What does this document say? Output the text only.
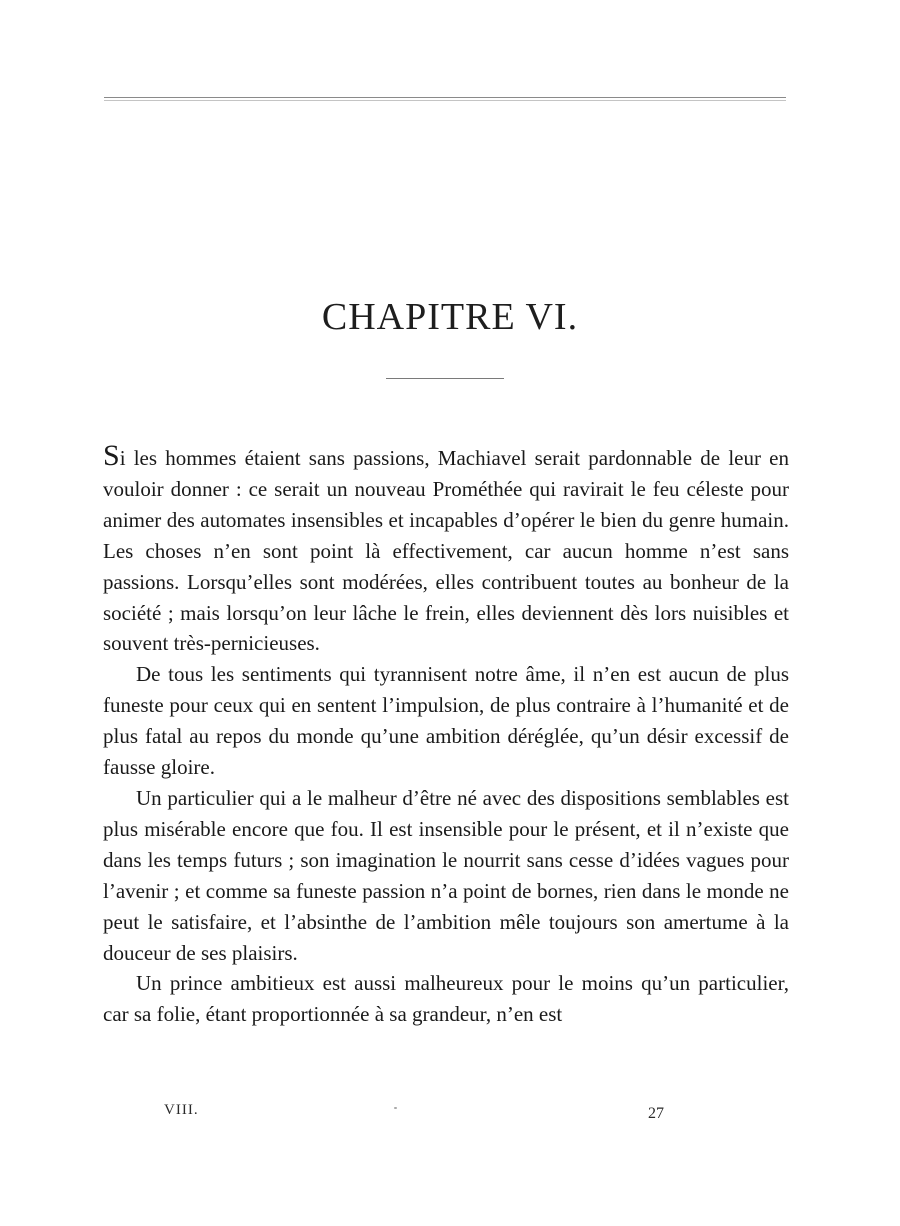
CHAPITRE VI.

Si les hommes étaient sans passions, Machiavel serait pardonnable de leur en vouloir donner : ce serait un nouveau Prométhée qui ravirait le feu céleste pour animer des automates insensibles et incapables d’opérer le bien du genre humain. Les choses n’en sont point là effectivement, car aucun homme n’est sans passions. Lorsqu’elles sont modérées, elles contribuent toutes au bonheur de la société ; mais lorsqu’on leur lâche le frein, elles deviennent dès lors nuisibles et souvent très-pernicieuses.

De tous les sentiments qui tyrannisent notre âme, il n’en est aucun de plus funeste pour ceux qui en sentent l’impulsion, de plus contraire à l’humanité et de plus fatal au repos du monde qu’une ambition déréglée, qu’un désir excessif de fausse gloire.

Un particulier qui a le malheur d’être né avec des dispositions semblables est plus misérable encore que fou. Il est insensible pour le présent, et il n’existe que dans les temps futurs ; son imagination le nourrit sans cesse d’idées vagues pour l’avenir ; et comme sa funeste passion n’a point de bornes, rien dans le monde ne peut le satisfaire, et l’absinthe de l’ambition mêle toujours son amertume à la douceur de ses plaisirs.

Un prince ambitieux est aussi malheureux pour le moins qu’un particulier, car sa folie, étant proportionnée à sa grandeur, n’en est

VIII.	27
